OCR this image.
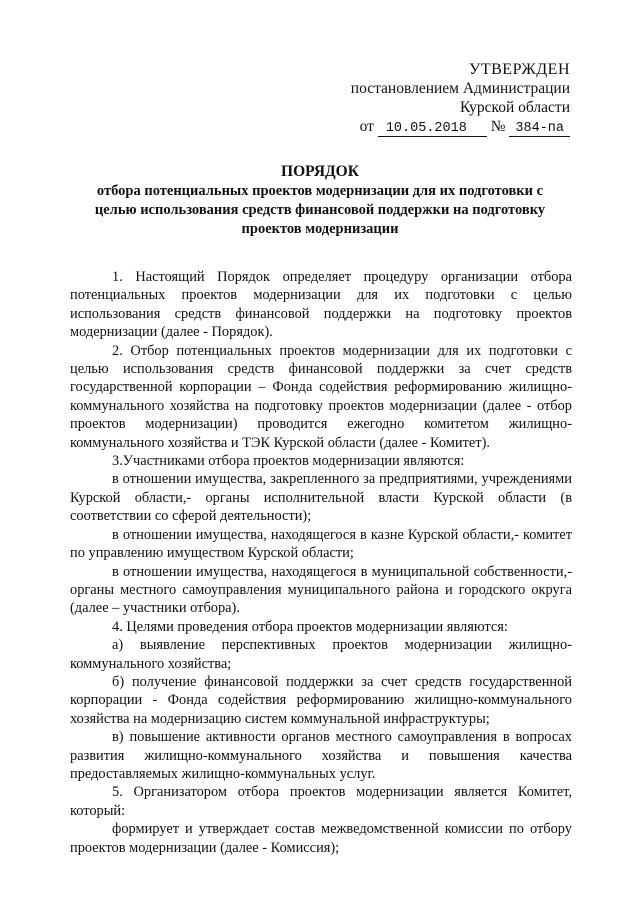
УТВЕРЖДЕН
постановлением Администрации
Курской области
от 10.05.2018 № 384-па
ПОРЯДОК
отбора потенциальных проектов модернизации для их подготовки с
целью использования средств финансовой поддержки на подготовку
проектов модернизации

1. Настоящий Порядок определяет процедуру организации отбора потенциальных проектов модернизации для их подготовки с целью использования средств финансовой поддержки на подготовку проектов модернизации (далее - Порядок).

2. Отбор потенциальных проектов модернизации для их подготовки с целью использования средств финансовой поддержки за счет средств государственной корпорации – Фонда содействия реформированию жилищно-коммунального хозяйства на подготовку проектов модернизации (далее - отбор проектов модернизации) проводится ежегодно комитетом жилищно-коммунального хозяйства и ТЭК Курской области (далее - Комитет).

3.Участниками отбора проектов модернизации являются:

в отношении имущества, закрепленного за предприятиями, учреждениями Курской области,- органы исполнительной власти Курской области (в соответствии со сферой деятельности);

в отношении имущества, находящегося в казне Курской области,- комитет по управлению имуществом Курской области;

в отношении имущества, находящегося в муниципальной собственности,- органы местного самоуправления муниципального района и городского округа (далее – участники отбора).

4. Целями проведения отбора проектов модернизации являются:

а) выявление перспективных проектов модернизации жилищно-коммунального хозяйства;

б) получение финансовой поддержки за счет средств государственной корпорации - Фонда содействия реформированию жилищно-коммунального хозяйства на модернизацию систем коммунальной инфраструктуры;

в) повышение активности органов местного самоуправления в вопросах развития жилищно-коммунального хозяйства и повышения качества предоставляемых жилищно-коммунальных услуг.

5. Организатором отбора проектов модернизации является Комитет, который:

формирует и утверждает состав межведомственной комиссии по отбору проектов модернизации (далее - Комиссия);
